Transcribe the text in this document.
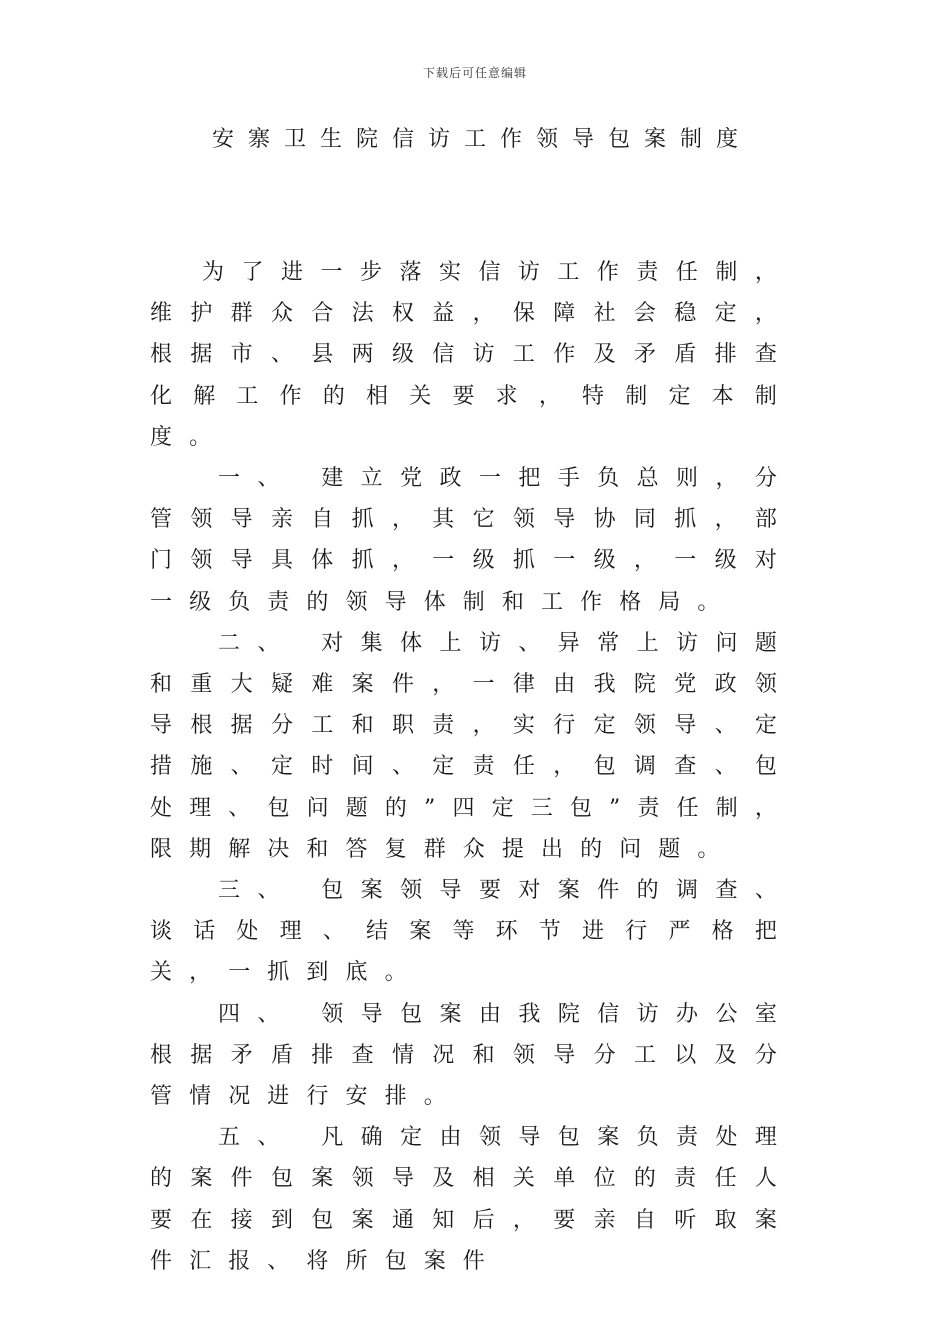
下载后可任意编辑
安寨卫生院信访工作领导包案制度

为了进一步落实信访工作责任制，维护群众合法权益，保障社会稳定，根据市、县两级信访工作及矛盾排查化解工作的相关要求，特制定本制度。

一、 建立党政一把手负总则，分管领导亲自抓，其它领导协同抓，部门领导具体抓，一级抓一级，一级对一级负责的领导体制和工作格局。

二、 对集体上访、异常上访问题和重大疑难案件，一律由我院党政领导根据分工和职责，实行定领导、定措施、定时间、定责任，包调查、包处理、包问题的”四定三包”责任制，限期解决和答复群众提出的问题。

三、 包案领导要对案件的调查、谈话处理、结案等环节进行严格把关，一抓到底。

四、 领导包案由我院信访办公室根据矛盾排查情况和领导分工以及分管情况进行安排。

五、 凡确定由领导包案负责处理的案件包案领导及相关单位的责任人要在接到包案通知后，要亲自听取案件汇报、将所包案件
